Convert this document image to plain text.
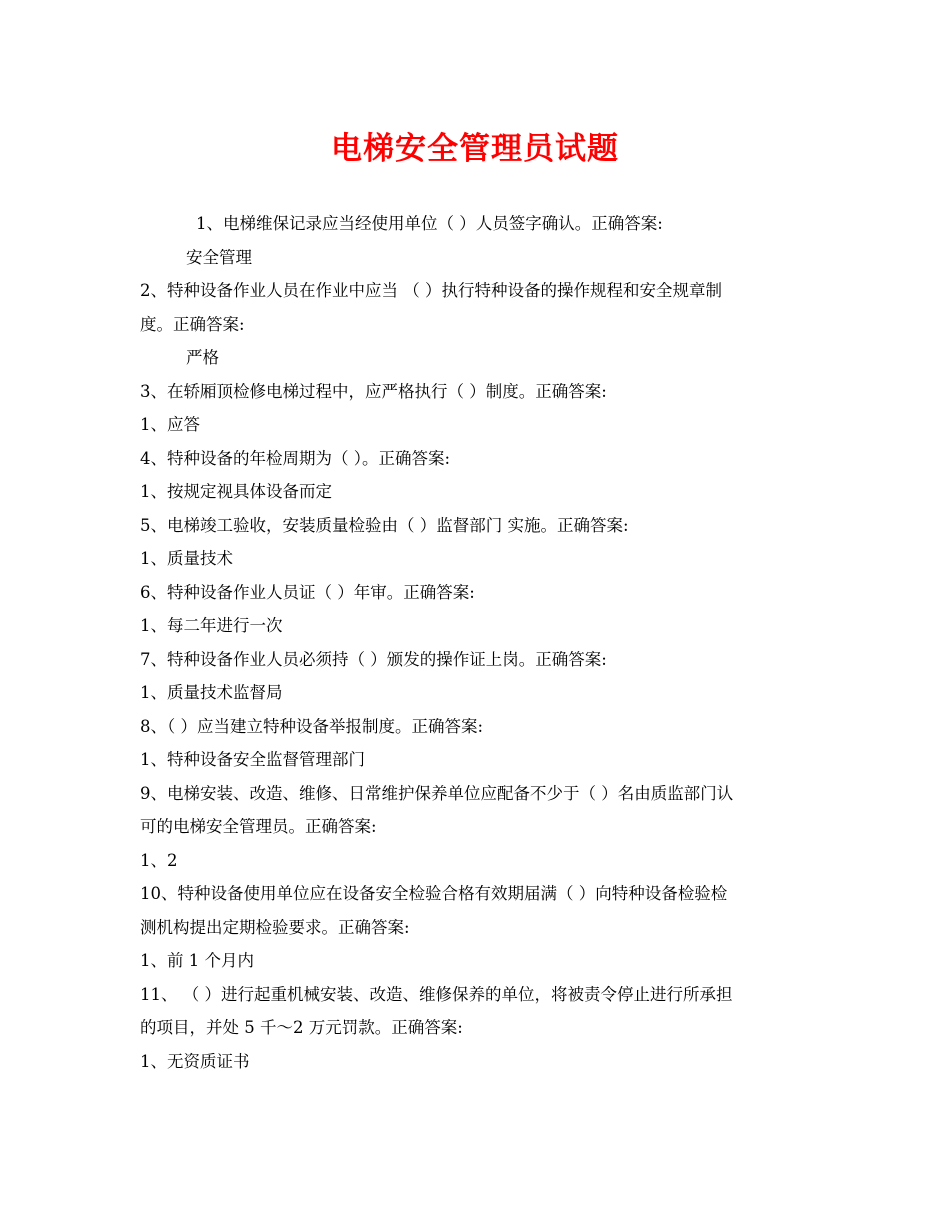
电梯安全管理员试题
1、电梯维保记录应当经使用单位（ ）人员签字确认。正确答案:
安全管理
2、特种设备作业人员在作业中应当 （ ）执行特种设备的操作规程和安全规章制
度。正确答案:
严格
3、在轿厢顶检修电梯过程中，应严格执行（ ）制度。正确答案:
1、应答
4、特种设备的年检周期为（ ）。正确答案:
1、按规定视具体设备而定
5、电梯竣工验收，安装质量检验由（ ）监督部门 实施。正确答案:
1、质量技术
6、特种设备作业人员证（ ）年审。正确答案:
1、每二年进行一次
7、特种设备作业人员必须持（ ）颁发的操作证上岗。正确答案:
1、质量技术监督局
8、（ ）应当建立特种设备举报制度。正确答案:
1、特种设备安全监督管理部门
9、电梯安装、改造、维修、日常维护保养单位应配备不少于（ ）名由质监部门认
可的电梯安全管理员。正确答案:
1、2
10、特种设备使用单位应在设备安全检验合格有效期届满（ ）向特种设备检验检
测机构提出定期检验要求。正确答案:
1、前 1 个月内
11、 （ ）进行起重机械安装、改造、维修保养的单位，将被责令停止进行所承担
的项目，并处 5 千～2 万元罚款。正确答案:
1、无资质证书
